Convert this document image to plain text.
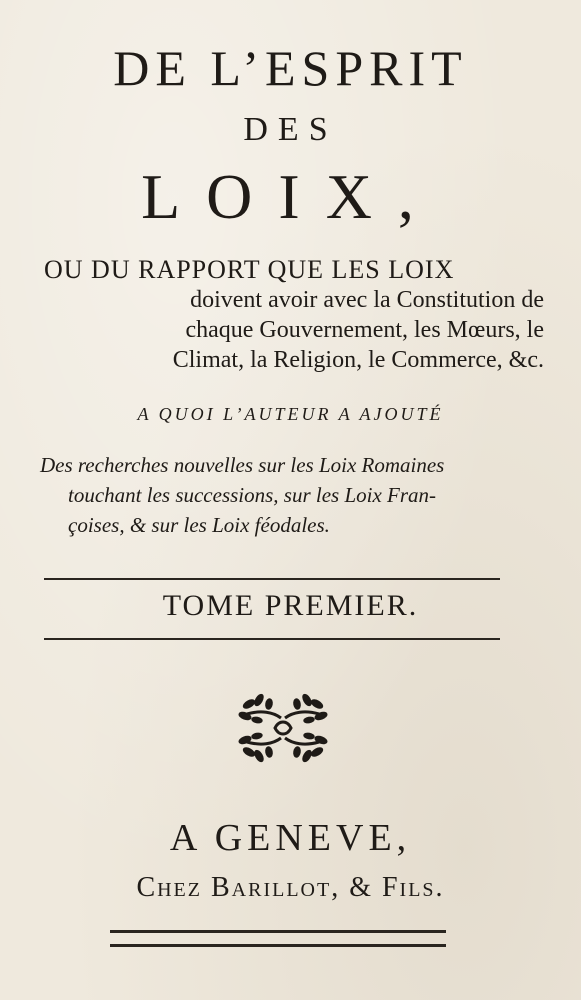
DE L’ESPRIT
DES
LOIX,
OU DU RAPPORT QUE LES LOIX
doivent avoir avec la Constitution de
chaque Gouvernement, les Mœurs, le
Climat, la Religion, le Commerce, &c.
A QUOI L’AUTEUR A AJOUTÉ
Des recherches nouvelles sur les Loix Romaines
touchant les successions, sur les Loix Fran-
çoises, & sur les Loix féodales.
TOME PREMIER.
A GENEVE,
Chez Barillot, & Fils.
